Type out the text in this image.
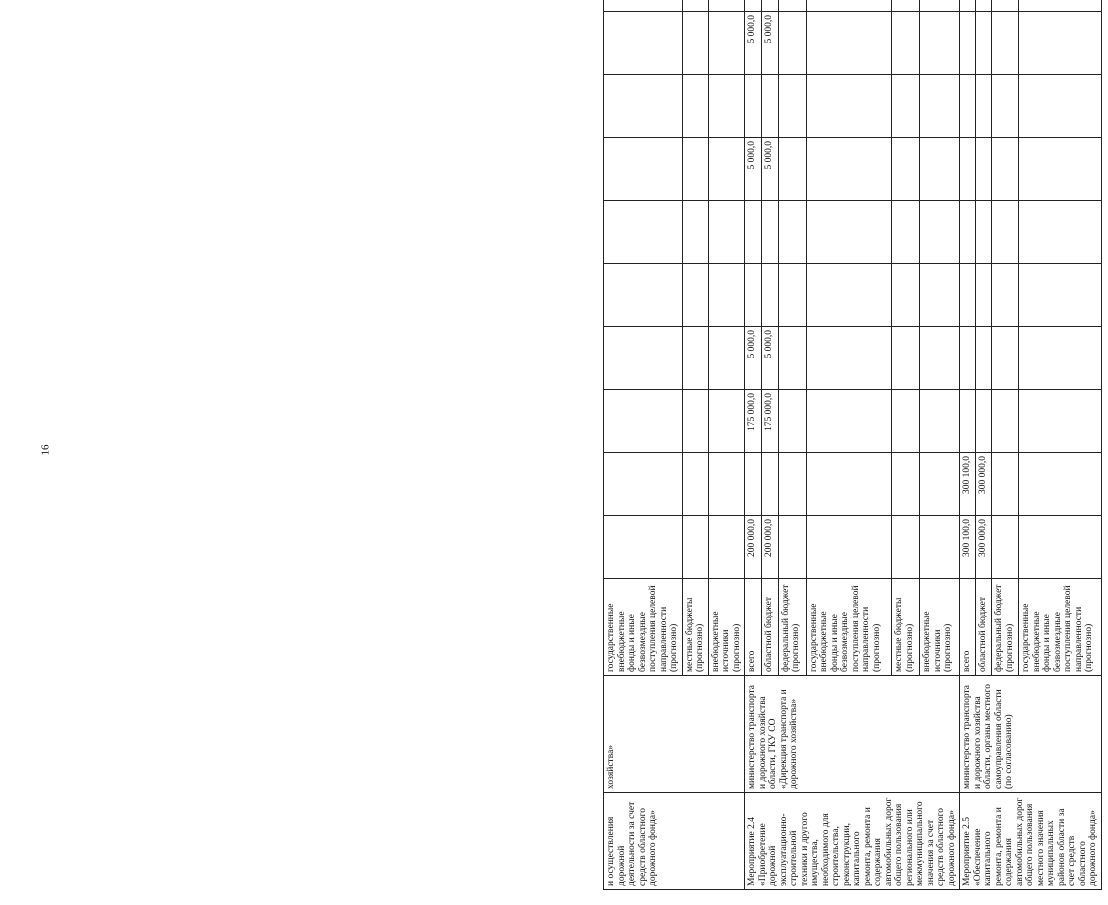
16
и осуществления дорожной деятельности за счет средств областного дорожного фонда»	хозяйства»	государственные внебюджетные фонды и иные безвозмездные поступления целевой направленности (прогнозно)												
		местные бюджеты (прогнозно)												
		внебюджетные источники (прогнозно)												
Мероприятие 2.4 «Приобретение дорожной эксплуатационно-строительной техники и другого имущества, необходимого для строительства, реконструкции, капитального ремонта, ремонта и содержания автомобильных дорог общего пользования регионального или межмуниципального значения за счет средств областного дорожного фонда»	министерство транспорта и дорожного хозяйства области, ГКУ СО «Дирекция транспорта и дорожного хозяйства»	всего	200 000,0		175 000,0	5 000,0			5 000,0		5 000,0			
		областной бюджет	200 000,0		175 000,0	5 000,0			5 000,0		5 000,0			
		федеральный бюджет (прогнозно)												
		государственные внебюджетные фонды и иные безвозмездные поступления целевой направленности (прогнозно)												
		местные бюджеты (прогнозно)												
		внебюджетные источники (прогнозно)												
Мероприятие 2.5 «Обеспечение капитального ремонта, ремонта и содержания автомобильных дорог общего пользования местного значения муниципальных районов области за счет средств областного дорожного фонда»	министерство транспорта и дорожного хозяйства области, органы местного самоуправления области (по согласованию)	всего	300 100,0	300 100,0										
		областной бюджет	300 000,0	300 000,0										
		федеральный бюджет (прогнозно)												
		государственные внебюджетные фонды и иные безвозмездные поступления целевой направленности (прогнозно)												
